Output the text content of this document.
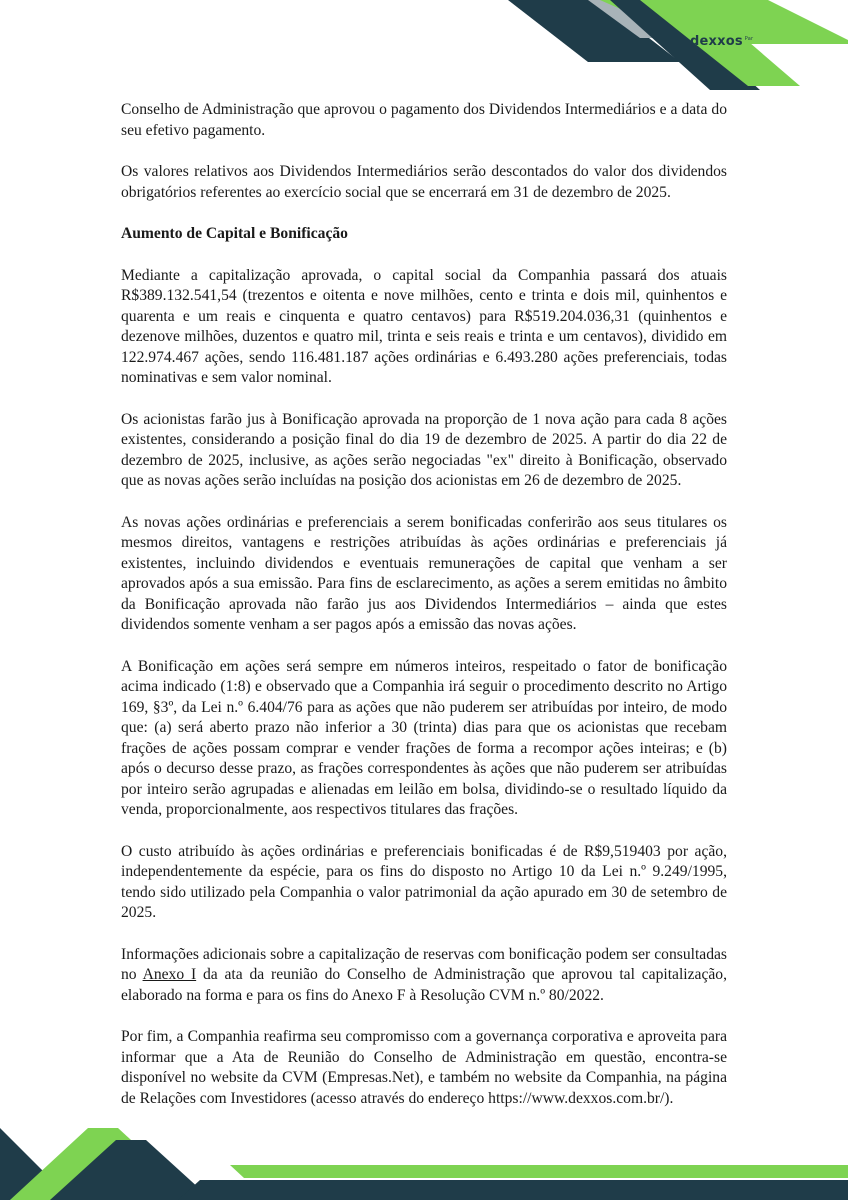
dexxos $^{Par}$

Conselho de Administração que aprovou o pagamento dos Dividendos Intermediários e a data do seu efetivo pagamento.

Os valores relativos aos Dividendos Intermediários serão descontados do valor dos dividendos obrigatórios referentes ao exercício social que se encerrará em 31 de dezembro de 2025.

Aumento de Capital e Bonificação

Mediante a capitalização aprovada, o capital social da Companhia passará dos atuais R$389.132.541,54 (trezentos e oitenta e nove milhões, cento e trinta e dois mil, quinhentos e quarenta e um reais e cinquenta e quatro centavos) para R$519.204.036,31 (quinhentos e dezenove milhões, duzentos e quatro mil, trinta e seis reais e trinta e um centavos), dividido em 122.974.467 ações, sendo 116.481.187 ações ordinárias e 6.493.280 ações preferenciais, todas nominativas e sem valor nominal.

Os acionistas farão jus à Bonificação aprovada na proporção de 1 nova ação para cada 8 ações existentes, considerando a posição final do dia 19 de dezembro de 2025. A partir do dia 22 de dezembro de 2025, inclusive, as ações serão negociadas "ex" direito à Bonificação, observado que as novas ações serão incluídas na posição dos acionistas em 26 de dezembro de 2025.

As novas ações ordinárias e preferenciais a serem bonificadas conferirão aos seus titulares os mesmos direitos, vantagens e restrições atribuídas às ações ordinárias e preferenciais já existentes, incluindo dividendos e eventuais remunerações de capital que venham a ser aprovados após a sua emissão. Para fins de esclarecimento, as ações a serem emitidas no âmbito da Bonificação aprovada não farão jus aos Dividendos Intermediários – ainda que estes dividendos somente venham a ser pagos após a emissão das novas ações.

A Bonificação em ações será sempre em números inteiros, respeitado o fator de bonificação acima indicado (1:8) e observado que a Companhia irá seguir o procedimento descrito no Artigo 169, §3º, da Lei n.º 6.404/76 para as ações que não puderem ser atribuídas por inteiro, de modo que: (a) será aberto prazo não inferior a 30 (trinta) dias para que os acionistas que recebam frações de ações possam comprar e vender frações de forma a recompor ações inteiras; e (b) após o decurso desse prazo, as frações correspondentes às ações que não puderem ser atribuídas por inteiro serão agrupadas e alienadas em leilão em bolsa, dividindo-se o resultado líquido da venda, proporcionalmente, aos respectivos titulares das frações.

O custo atribuído às ações ordinárias e preferenciais bonificadas é de R$9,519403 por ação, independentemente da espécie, para os fins do disposto no Artigo 10 da Lei n.º 9.249/1995, tendo sido utilizado pela Companhia o valor patrimonial da ação apurado em 30 de setembro de 2025.

Informações adicionais sobre a capitalização de reservas com bonificação podem ser consultadas no Anexo I da ata da reunião do Conselho de Administração que aprovou tal capitalização, elaborado na forma e para os fins do Anexo F à Resolução CVM n.º 80/2022.

Por fim, a Companhia reafirma seu compromisso com a governança corporativa e aproveita para informar que a Ata de Reunião do Conselho de Administração em questão, encontra-se disponível no website da CVM (Empresas.Net), e também no website da Companhia, na página de Relações com Investidores (acesso através do endereço https://www.dexxos.com.br/).
